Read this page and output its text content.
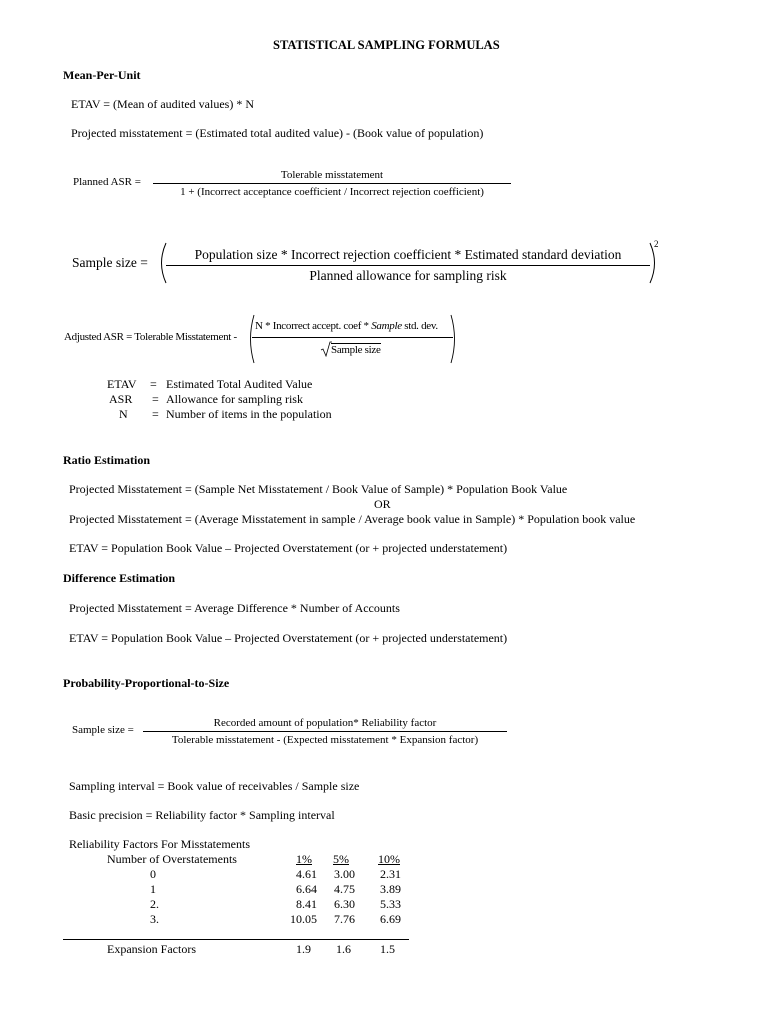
STATISTICAL SAMPLING FORMULAS
Mean-Per-Unit
ETAV = (Mean of audited values) * N
Projected misstatement = (Estimated total audited value) - (Book value of population)
Planned ASR =
Tolerable misstatement
1 + (Incorrect acceptance coefficient / Incorrect rejection coefficient)
Sample size =
Population size * Incorrect rejection coefficient * Estimated standard deviation
Planned allowance for sampling risk
2
Adjusted ASR = Tolerable Misstatement -
N * Incorrect accept. coef * Sample std. dev.
Sample size
ETAV = Estimated Total Audited Value
ASR = Allowance for sampling risk
N = Number of items in the population
Ratio Estimation
Projected Misstatement = (Sample Net Misstatement / Book Value of Sample) * Population Book Value
OR
Projected Misstatement = (Average Misstatement in sample / Average book value in Sample) * Population book value
ETAV = Population Book Value – Projected Overstatement (or + projected understatement)
Difference Estimation
Projected Misstatement = Average Difference * Number of Accounts
ETAV = Population Book Value – Projected Overstatement (or + projected understatement)
Probability-Proportional-to-Size
Sample size =
Recorded amount of population* Reliability factor
Tolerable misstatement - (Expected misstatement * Expansion factor)
Sampling interval = Book value of receivables / Sample size
Basic precision = Reliability factor * Sampling interval
Reliability Factors For Misstatements
Number of Overstatements	1% 5% 10%
0	4.61 3.00 2.31
1	6.64 4.75 3.89
2.	8.41 6.30 5.33
3.	10.05 7.76 6.69
Expansion Factors	1.9 1.6 1.5
